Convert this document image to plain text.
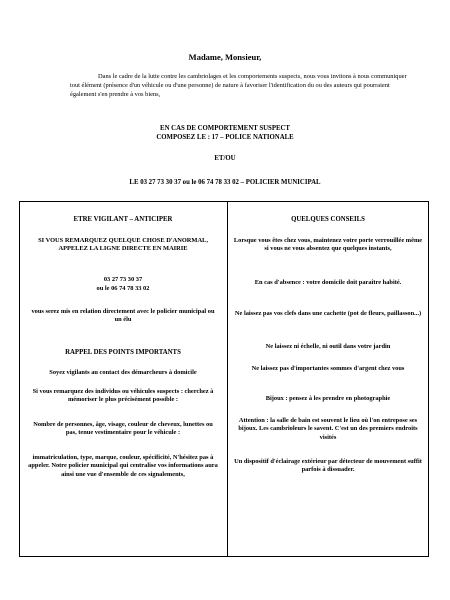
Madame, Monsieur,
Dans le cadre de la lutte contre les cambriolages et les comportements suspects, nous vous invitons à nous communiquer tout élément (présence d'un véhicule ou d'une personne) de nature à favoriser l'identification du ou des auteurs qui pourraient également s'en prendre à vos biens,
EN CAS DE COMPORTEMENT SUSPECT
COMPOSEZ LE : 17 – POLICE NATIONALE
ET/OU
LE 03 27 73 30 37 ou le 06 74 78 33 02 – POLICIER MUNICIPAL
ETRE VIGILANT – ANTICIPER
SI VOUS REMARQUEZ QUELQUE CHOSE D'ANORMAL, APPELEZ LA LIGNE DIRECTE EN MAIRIE
03 27 73 30 37
ou le 06 74 78 33 02
vous serez mis en relation directement avec le policier municipal ou un élu
RAPPEL DES POINTS IMPORTANTS
Soyez vigilants au contact des démarcheurs à domicile
Si vous remarquez des individus ou véhicules suspects : cherchez à mémoriser le plus précisément possible :
Nombre de personnes, âge, visage, couleur de cheveux, lunettes ou pas, tenue vestimentaire pour le véhicule :
immatriculation, type, marque, couleur, spécificité, N'hésitez pas à appeler. Notre policier municipal qui centralise vos informations aura ainsi une vue d'ensemble de ces signalements,
QUELQUES CONSEILS
Lorsque vous êtes chez vous, maintenez votre porte verrouillée même si vous ne vous absentez que quelques instants,
En cas d'absence : votre domicile doit paraître habité.
Ne laissez pas vos clefs dans une cachette (pot de fleurs, paillasson...)
Ne laissez ni échelle, ni outil dans votre jardin
Ne laissez pas d'importantes sommes d'argent chez vous
Bijoux : pensez à les prendre en photographie
Attention : la salle de bain est souvent le lieu où l'on entrepose ses bijoux. Les cambrioleurs le savent. C'est un des premiers endroits visités
Un dispositif d'éclairage extérieur par détecteur de mouvement suffit parfois à dissuader.
